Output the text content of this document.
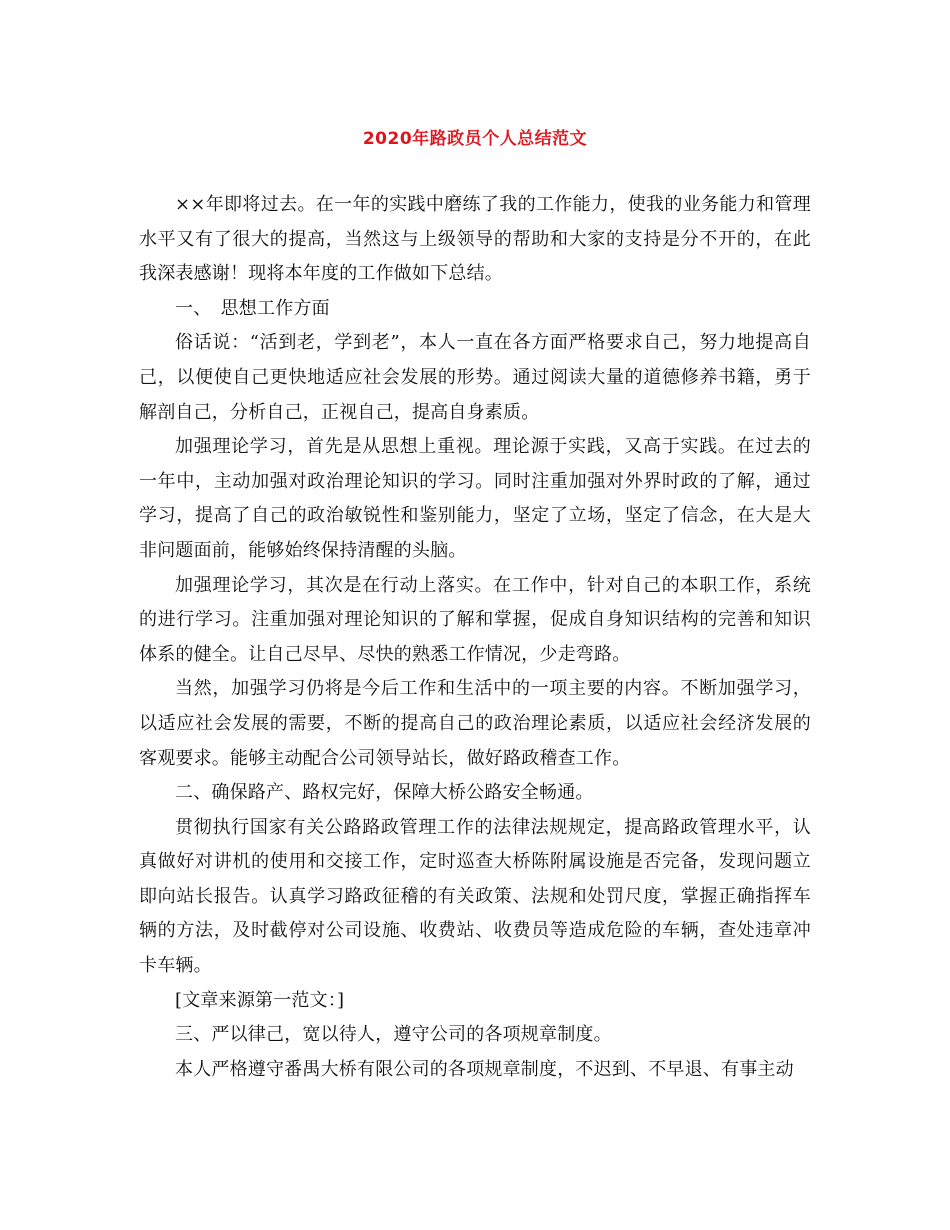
2020年路政员个人总结范文

××年即将过去。在一年的实践中磨练了我的工作能力，使我的业务能力和管理水平又有了很大的提高，当然这与上级领导的帮助和大家的支持是分不开的，在此我深表感谢！现将本年度的工作做如下总结。

一、　思想工作方面

俗话说：“活到老，学到老”，本人一直在各方面严格要求自己，努力地提高自己，以便使自己更快地适应社会发展的形势。通过阅读大量的道德修养书籍，勇于解剖自己，分析自己，正视自己，提高自身素质。

加强理论学习，首先是从思想上重视。理论源于实践，又高于实践。在过去的一年中，主动加强对政治理论知识的学习。同时注重加强对外界时政的了解，通过学习，提高了自己的政治敏锐性和鉴别能力，坚定了立场，坚定了信念，在大是大非问题面前，能够始终保持清醒的头脑。

加强理论学习，其次是在行动上落实。在工作中，针对自己的本职工作，系统的进行学习。注重加强对理论知识的了解和掌握，促成自身知识结构的完善和知识体系的健全。让自己尽早、尽快的熟悉工作情况，少走弯路。

当然，加强学习仍将是今后工作和生活中的一项主要的内容。不断加强学习，以适应社会发展的需要，不断的提高自己的政治理论素质，以适应社会经济发展的客观要求。能够主动配合公司领导站长，做好路政稽查工作。

二、确保路产、路权完好，保障大桥公路安全畅通。

贯彻执行国家有关公路路政管理工作的法律法规规定，提高路政管理水平，认真做好对讲机的使用和交接工作，定时巡查大桥陈附属设施是否完备，发现问题立即向站长报告。认真学习路政征稽的有关政策、法规和处罚尺度，掌握正确指挥车辆的方法，及时截停对公司设施、收费站、收费员等造成危险的车辆，查处违章冲卡车辆。

[文章来源第一范文：]

三、严以律己，宽以待人，遵守公司的各项规章制度。

本人严格遵守番禺大桥有限公司的各项规章制度，不迟到、不早退、有事主动
